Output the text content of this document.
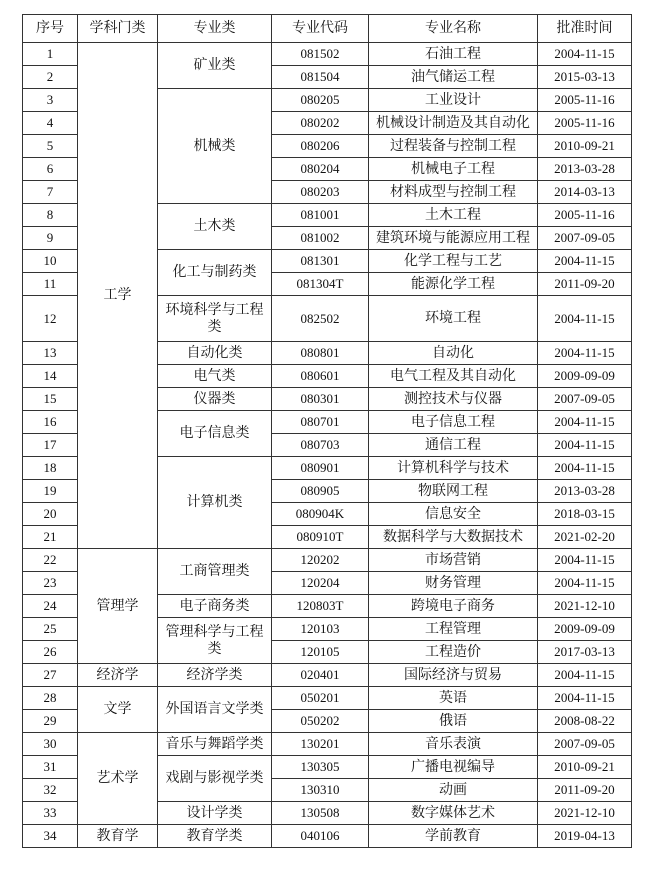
序号	学科门类	专业类	专业代码	专业名称	批准时间
1	工学	矿业类	081502	石油工程	2004-11-15
2			081504	油气储运工程	2015-03-13
3		机械类	080205	工业设计	2005-11-16
4			080202	机械设计制造及其自动化	2005-11-16
5			080206	过程装备与控制工程	2010-09-21
6			080204	机械电子工程	2013-03-28
7			080203	材料成型与控制工程	2014-03-13
8		土木类	081001	土木工程	2005-11-16
9			081002	建筑环境与能源应用工程	2007-09-05
10		化工与制药类	081301	化学工程与工艺	2004-11-15
11			081304T	能源化学工程	2011-09-20
12		环境科学与工程类	082502	环境工程	2004-11-15
13		自动化类	080801	自动化	2004-11-15
14		电气类	080601	电气工程及其自动化	2009-09-09
15		仪器类	080301	测控技术与仪器	2007-09-05
16		电子信息类	080701	电子信息工程	2004-11-15
17			080703	通信工程	2004-11-15
18		计算机类	080901	计算机科学与技术	2004-11-15
19			080905	物联网工程	2013-03-28
20			080904K	信息安全	2018-03-15
21			080910T	数据科学与大数据技术	2021-02-20
22	管理学	工商管理类	120202	市场营销	2004-11-15
23			120204	财务管理	2004-11-15
24		电子商务类	120803T	跨境电子商务	2021-12-10
25		管理科学与工程类	120103	工程管理	2009-09-09
26			120105	工程造价	2017-03-13
27	经济学	经济学类	020401	国际经济与贸易	2004-11-15
28	文学	外国语言文学类	050201	英语	2004-11-15
29			050202	俄语	2008-08-22
30	艺术学	音乐与舞蹈学类	130201	音乐表演	2007-09-05
31		戏剧与影视学类	130305	广播电视编导	2010-09-21
32			130310	动画	2011-09-20
33		设计学类	130508	数字媒体艺术	2021-12-10
34	教育学	教育学类	040106	学前教育	2019-04-13
